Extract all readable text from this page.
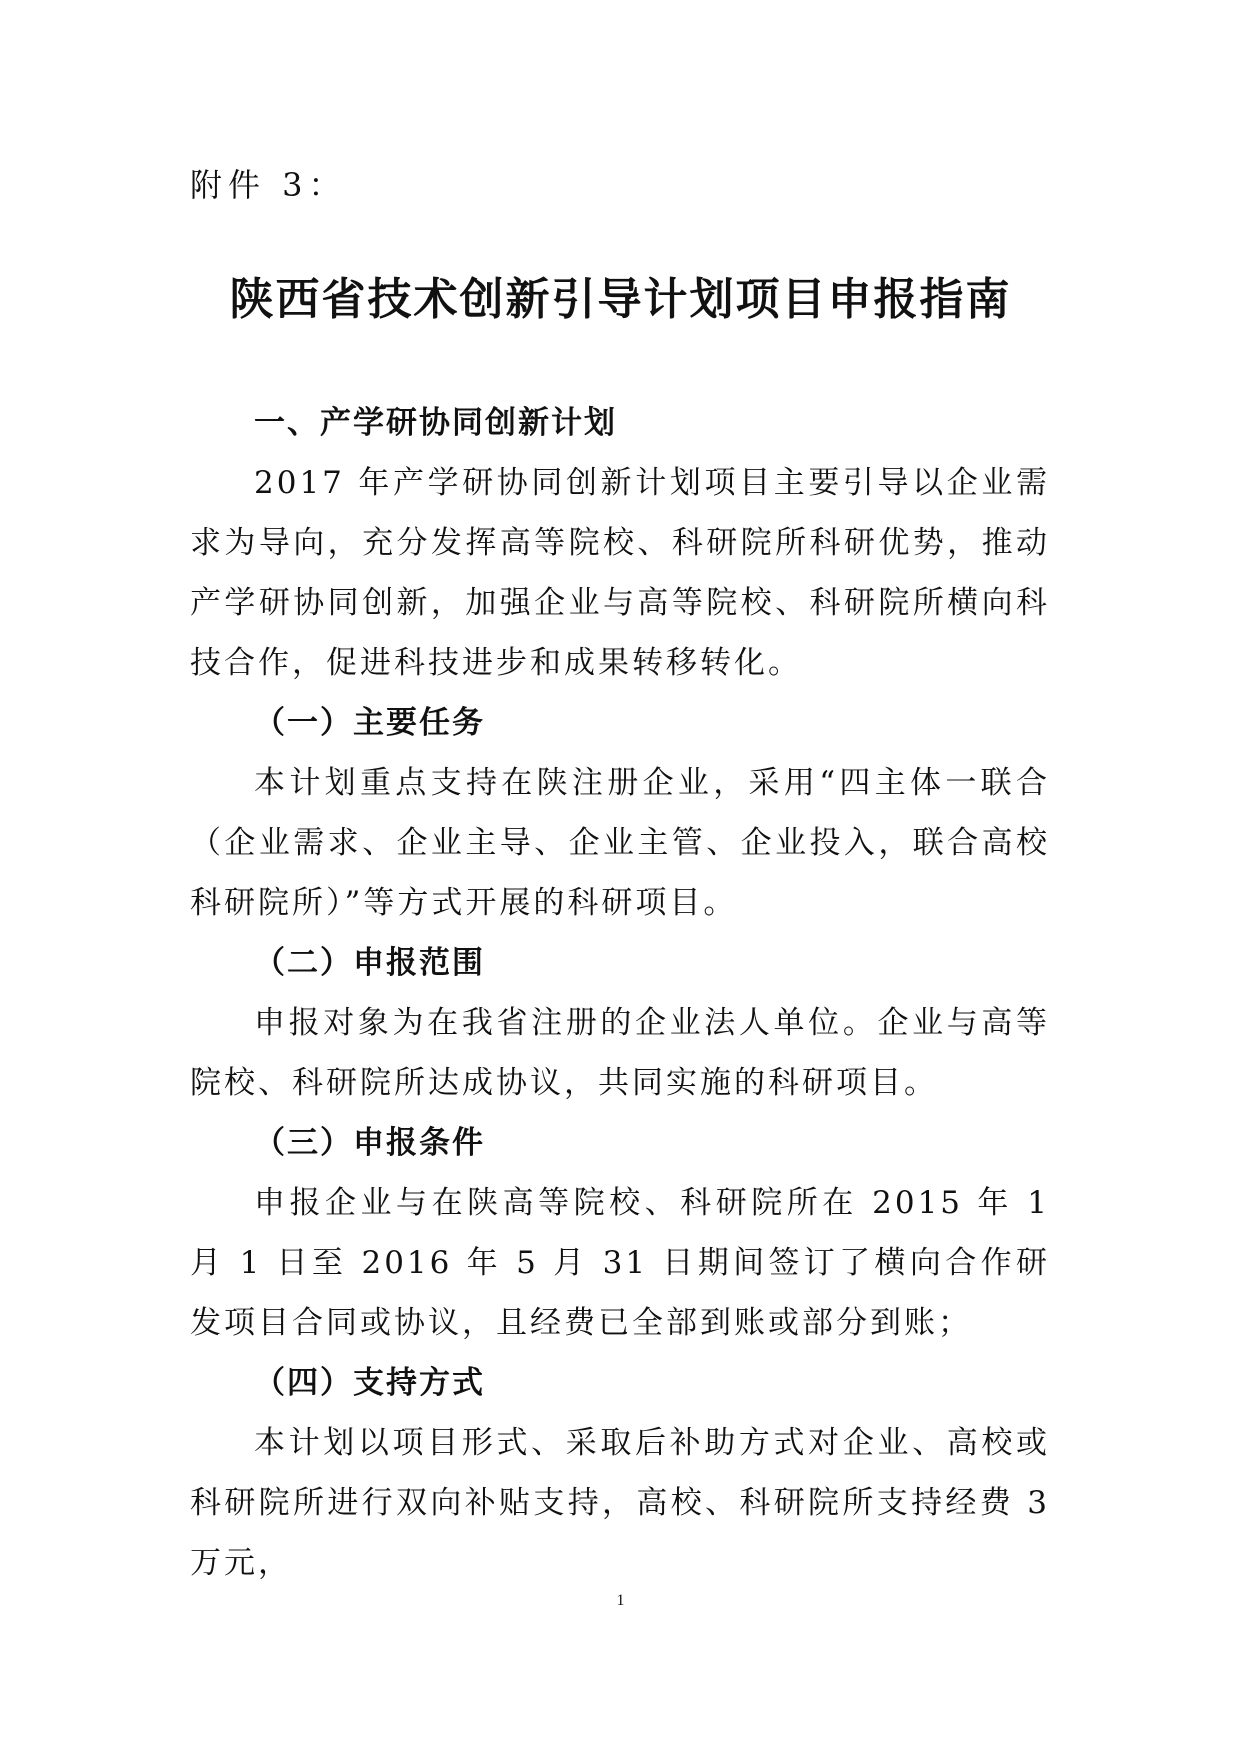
附件 3：
陕西省技术创新引导计划项目申报指南

一、产学研协同创新计划

2017 年产学研协同创新计划项目主要引导以企业需求为导向，充分发挥高等院校、科研院所科研优势，推动产学研协同创新，加强企业与高等院校、科研院所横向科技合作，促进科技进步和成果转移转化。

（一）主要任务

本计划重点支持在陕注册企业，采用“四主体一联合（企业需求、企业主导、企业主管、企业投入，联合高校科研院所）”等方式开展的科研项目。

（二）申报范围

申报对象为在我省注册的企业法人单位。企业与高等院校、科研院所达成协议，共同实施的科研项目。

（三）申报条件

申报企业与在陕高等院校、科研院所在 2015 年 1 月 1 日至 2016 年 5 月 31 日期间签订了横向合作研发项目合同或协议，且经费已全部到账或部分到账；

（四）支持方式

本计划以项目形式、采取后补助方式对企业、高校或科研院所进行双向补贴支持，高校、科研院所支持经费 3 万元，

1
